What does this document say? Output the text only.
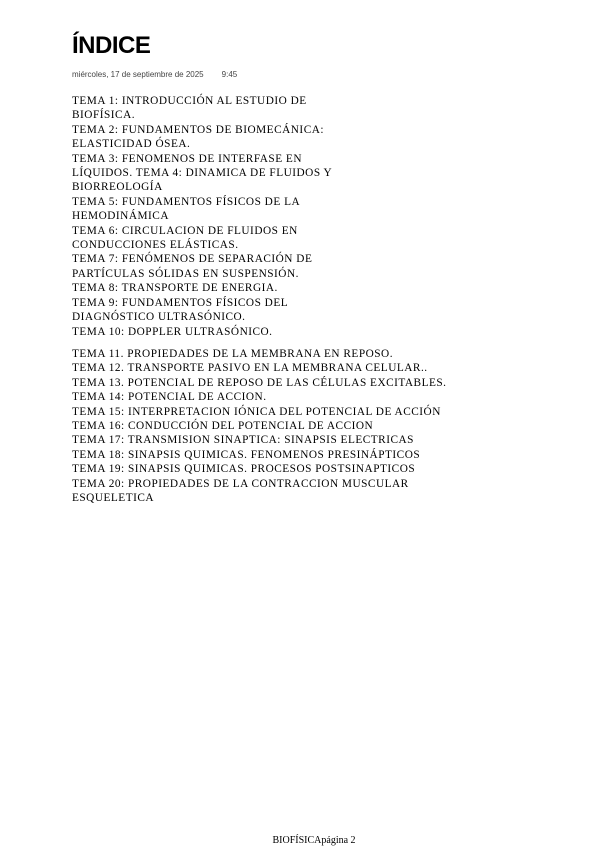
ÍNDICE
miércoles, 17 de septiembre de 2025 9:45
TEMA 1: INTRODUCCIÓN AL ESTUDIO DE BIOFÍSICA.
TEMA 2: FUNDAMENTOS DE BIOMECÁNICA: ELASTICIDAD ÓSEA.
TEMA 3: FENOMENOS DE INTERFASE EN LÍQUIDOS. TEMA 4: DINAMICA DE FLUIDOS Y BIORREOLOGÍA
TEMA 5: FUNDAMENTOS FÍSICOS DE LA HEMODINÁMICA
TEMA 6: CIRCULACION DE FLUIDOS EN CONDUCCIONES ELÁSTICAS.
TEMA 7: FENÓMENOS DE SEPARACIÓN DE PARTÍCULAS SÓLIDAS EN SUSPENSIÓN.
TEMA 8: TRANSPORTE DE ENERGIA.
TEMA 9: FUNDAMENTOS FÍSICOS DEL DIAGNÓSTICO ULTRASÓNICO.
TEMA 10: DOPPLER ULTRASÓNICO.
TEMA 11. PROPIEDADES DE LA MEMBRANA EN REPOSO.
TEMA 12. TRANSPORTE PASIVO EN LA MEMBRANA CELULAR..
TEMA 13. POTENCIAL DE REPOSO DE LAS CÉLULAS EXCITABLES.
TEMA 14: POTENCIAL DE ACCION.
TEMA 15: INTERPRETACION IÓNICA DEL POTENCIAL DE ACCIÓN
TEMA 16: CONDUCCIÓN DEL POTENCIAL DE ACCION
TEMA 17: TRANSMISION SINAPTICA: SINAPSIS ELECTRICAS
TEMA 18: SINAPSIS QUIMICAS. FENOMENOS PRESINÁPTICOS
TEMA 19: SINAPSIS QUIMICAS. PROCESOS POSTSINAPTICOS
TEMA 20: PROPIEDADES DE LA CONTRACCION MUSCULAR ESQUELETICA
BIOFÍSICApágina 2
